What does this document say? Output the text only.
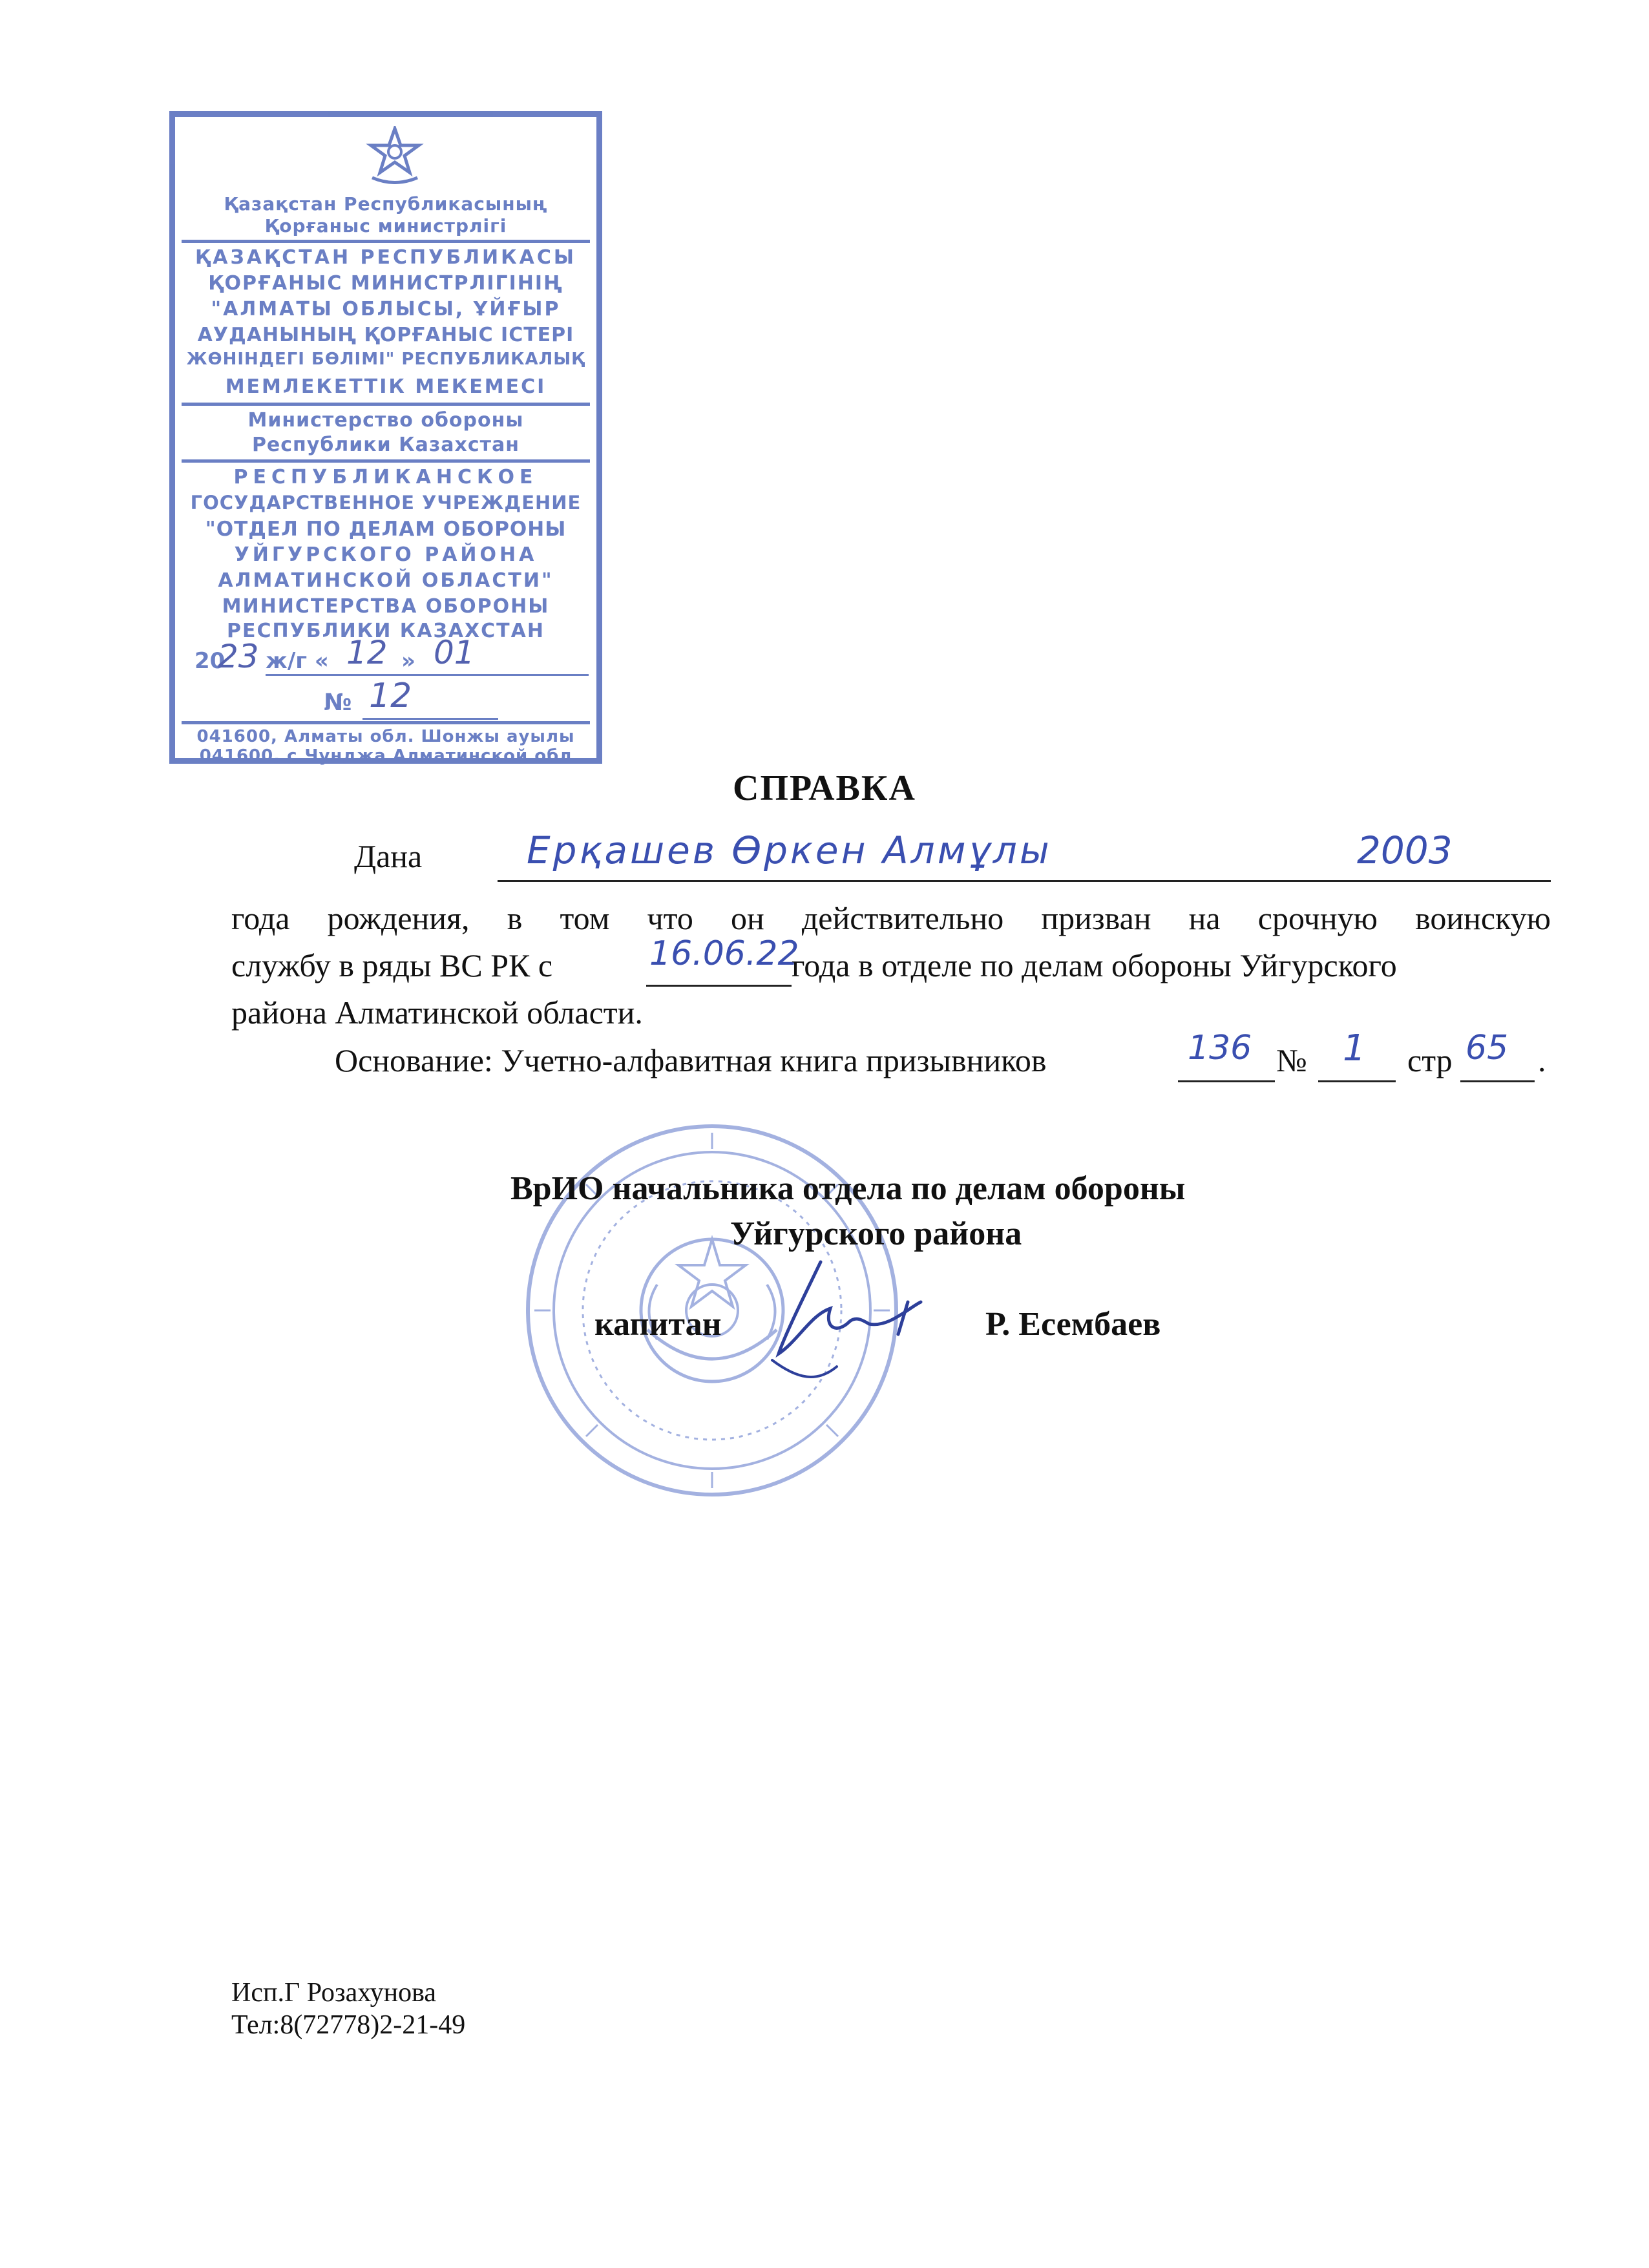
Қазақстан Республикасының
Қорғаныс министрлігі
ҚАЗАҚСТАН РЕСПУБЛИКАСЫ
ҚОРҒАНЫС МИНИСТРЛІГІНІҢ
"АЛМАТЫ ОБЛЫСЫ, ҰЙҒЫР
АУДАНЫНЫҢ ҚОРҒАНЫС ІСТЕРІ
ЖӨНІНДЕГІ БӨЛІМІ" РЕСПУБЛИКАЛЫҚ
МЕМЛЕКЕТТІК МЕКЕМЕСІ
Министерство обороны
Республики Казахстан
РЕСПУБЛИКАНСКОЕ
ГОСУДАРСТВЕННОЕ УЧРЕЖДЕНИЕ
"ОТДЕЛ ПО ДЕЛАМ ОБОРОНЫ
УЙГУРСКОГО РАЙОНА
АЛМАТИНСКОЙ ОБЛАСТИ"
МИНИСТЕРСТВА ОБОРОНЫ
РЕСПУБЛИКИ КАЗАХСТАН
20
23 ж/г « 12 » 01
№ 12
041600, Алматы обл. Шонжы ауылы
041600, с.Чунджа Алматинской обл
СПРАВКА
Дана	Ерқашев Өркен Алмұлы	2003
года рождения, в том что он действительно призван на срочную воинскую
службу в ряды ВС РК с	16.06.22
года в отделе по делам обороны Уйгурского
района Алматинской области.
Основание: Учетно-алфавитная книга призывников	136 № 1 стр 65 .
ВрИО начальника отдела по делам обороны
Уйгурского района
капитан	Р. Есембаев
Исп.Г Розахунова
Тел:8(72778)2-21-49
